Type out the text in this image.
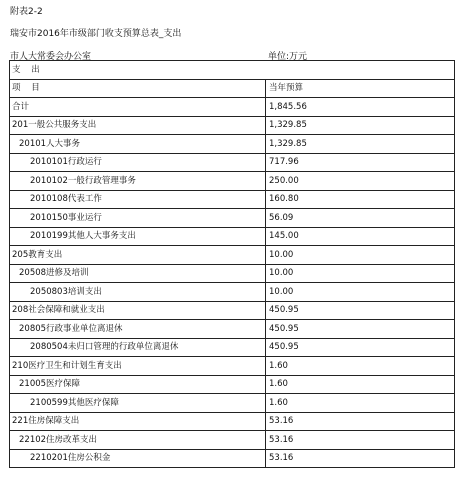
附表2-2
瑞安市2016年市级部门收支预算总表_支出
市人大常委会办公室	单位:万元
支 出	
项 目	当年预算
合计	1,845.56
201一般公共服务支出	1,329.85
20101人大事务	1,329.85
2010101行政运行	717.96
2010102一般行政管理事务	250.00
2010108代表工作	160.80
2010150事业运行	56.09
2010199其他人大事务支出	145.00
205教育支出	10.00
20508进修及培训	10.00
2050803培训支出	10.00
208社会保障和就业支出	450.95
20805行政事业单位离退休	450.95
2080504未归口管理的行政单位离退休	450.95
210医疗卫生和计划生育支出	1.60
21005医疗保障	1.60
2100599其他医疗保障	1.60
221住房保障支出	53.16
22102住房改革支出	53.16
2210201住房公积金	53.16
